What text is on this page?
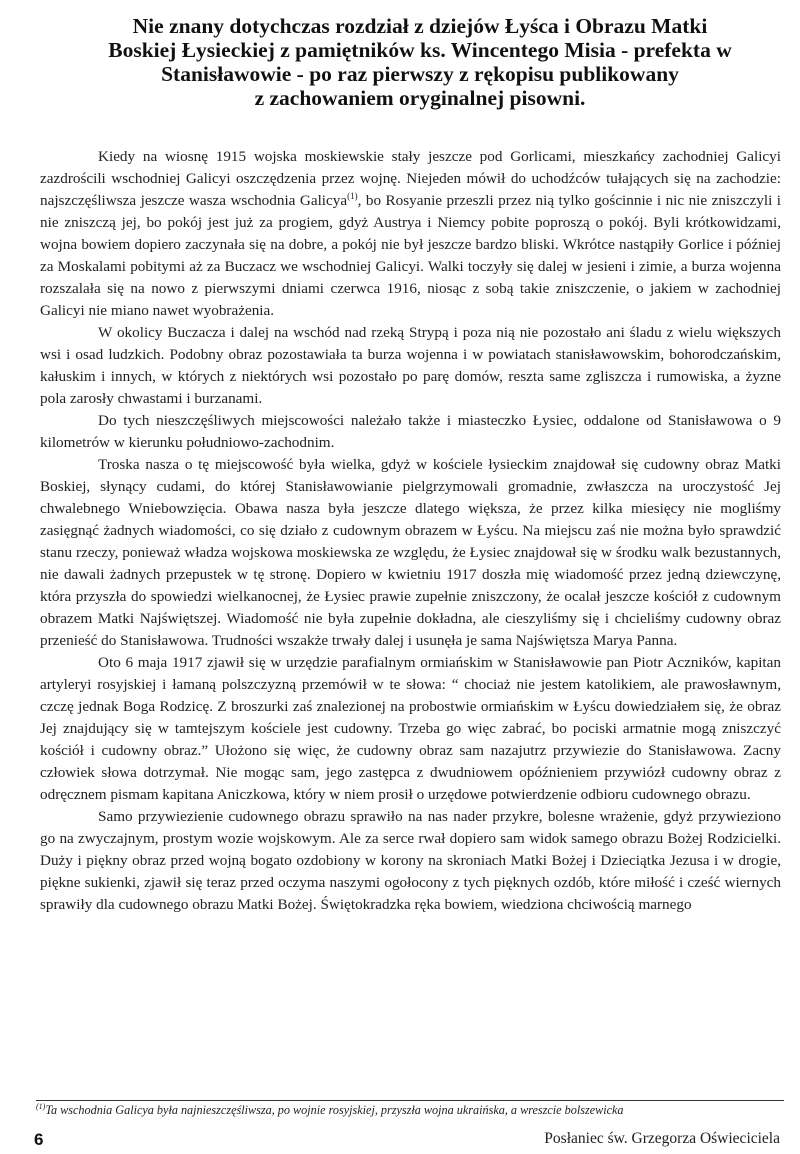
Nie znany dotychczas rozdział z dziejów Łyśca i Obrazu Matki
Boskiej Łysieckiej z pamiętników ks. Wincentego Misia - prefekta w
Stanisławowie - po raz pierwszy z rękopisu publikowany
z zachowaniem oryginalnej pisowni.

Kiedy na wiosnę 1915 wojska moskiewskie stały jeszcze pod Gorlicami, mieszkańcy zachodniej Galicyi zazdrościli wschodniej Galicyi oszczędzenia przez wojnę. Niejeden mówił do uchodźców tułających się na zachodzie: najszczęśliwsza jeszcze wasza wschodnia Galicya$^{(1)}$, bo Rosyanie przeszli przez nią tylko gościnnie i nic nie zniszczyli i nie zniszczą jej, bo pokój jest już za progiem, gdyż Austrya i Niemcy pobite poproszą o pokój. Byli krótkowidzami, wojna bowiem dopiero zaczynała się na dobre, a pokój nie był jeszcze bardzo bliski. Wkrótce nastąpiły Gorlice i później za Moskalami pobitymi aż za Buczacz we wschodniej Galicyi. Walki toczyły się dalej w jesieni i zimie, a burza wojenna rozszalała się na nowo z pierwszymi dniami czerwca 1916, niosąc z sobą takie zniszczenie, o jakiem w zachodniej Galicyi nie miano nawet wyobrażenia.

W okolicy Buczacza i dalej na wschód nad rzeką Strypą i poza nią nie pozostało ani śladu z wielu większych wsi i osad ludzkich. Podobny obraz pozostawiała ta burza wojenna i w powiatach stanisławowskim, bohorodczańskim, kałuskim i innych, w których z niektórych wsi pozostało po parę domów, reszta same zgliszcza i rumowiska, a żyzne pola zarosły chwastami i burzanami.

Do tych nieszczęśliwych miejscowości należało także i miasteczko Łysiec, oddalone od Stanisławowa o 9 kilometrów w kierunku południowo-zachodnim.

Troska nasza o tę miejscowość była wielka, gdyż w kościele łysieckim znajdował się cudowny obraz Matki Boskiej, słynący cudami, do której Stanisławowianie pielgrzymowali gromadnie, zwłaszcza na uroczystość Jej chwalebnego Wniebowzięcia. Obawa nasza była jeszcze dlatego większa, że przez kilka miesięcy nie mogliśmy zasięgnąć żadnych wiadomości, co się działo z cudownym obrazem w Łyścu. Na miejscu zaś nie można było sprawdzić stanu rzeczy, ponieważ władza wojskowa moskiewska ze względu, że Łysiec znajdował się w środku walk bezustannych, nie dawali żadnych przepustek w tę stronę. Dopiero w kwietniu 1917 doszła mię wiadomość przez jedną dziewczynę, która przyszła do spowiedzi wielkanocnej, że Łysiec prawie zupełnie zniszczony, że ocalał jeszcze kościół z cudownym obrazem Matki Najświętszej. Wiadomość nie była zupełnie dokładna, ale cieszyliśmy się i chcieliśmy cudowny obraz przenieść do Stanisławowa. Trudności wszakże trwały dalej i usunęła je sama Najświętsza Marya Panna.

Oto 6 maja 1917 zjawił się w urzędzie parafialnym ormiańskim w Stanisławowie pan Piotr Aczników, kapitan artyleryi rosyjskiej i łamaną polszczyzną przemówił w te słowa: “ chociaż nie jestem katolikiem, ale prawosławnym, czczę jednak Boga Rodzicę. Z broszurki zaś znalezionej na probostwie ormiańskim w Łyścu dowiedziałem się, że obraz Jej znajdujący się w tamtejszym kościele jest cudowny. Trzeba go więc zabrać, bo pociski armatnie mogą zniszczyć kościół i cudowny obraz.” Ułożono się więc, że cudowny obraz sam nazajutrz przywiezie do Stanisławowa. Zacny człowiek słowa dotrzymał. Nie mogąc sam, jego zastępca z dwudniowem opóźnieniem przywiózł cudowny obraz z odręcznem pismam kapitana Aniczkowa, który w niem prosił o urzędowe potwierdzenie odbioru cudownego obrazu.

Samo przywiezienie cudownego obrazu sprawiło na nas nader przykre, bolesne wrażenie, gdyż przywieziono go na zwyczajnym, prostym wozie wojskowym. Ale za serce rwał dopiero sam widok samego obrazu Bożej Rodzicielki. Duży i piękny obraz przed wojną bogato ozdobiony w korony na skroniach Matki Bożej i Dzieciątka Jezusa i w drogie, piękne sukienki, zjawił się teraz przed oczyma naszymi ogołocony z tych pięknych ozdób, które miłość i cześć wiernych sprawiły dla cudownego obrazu Matki Bożej. Świętokradzka ręka bowiem, wiedziona chciwością marnego

$^{(1)}$Ta wschodnia Galicya była najnieszczęśliwsza, po wojnie rosyjskiej, przyszła wojna ukraińska, a wreszcie bolszewicka
6	Posłaniec św. Grzegorza Oświeciciela
